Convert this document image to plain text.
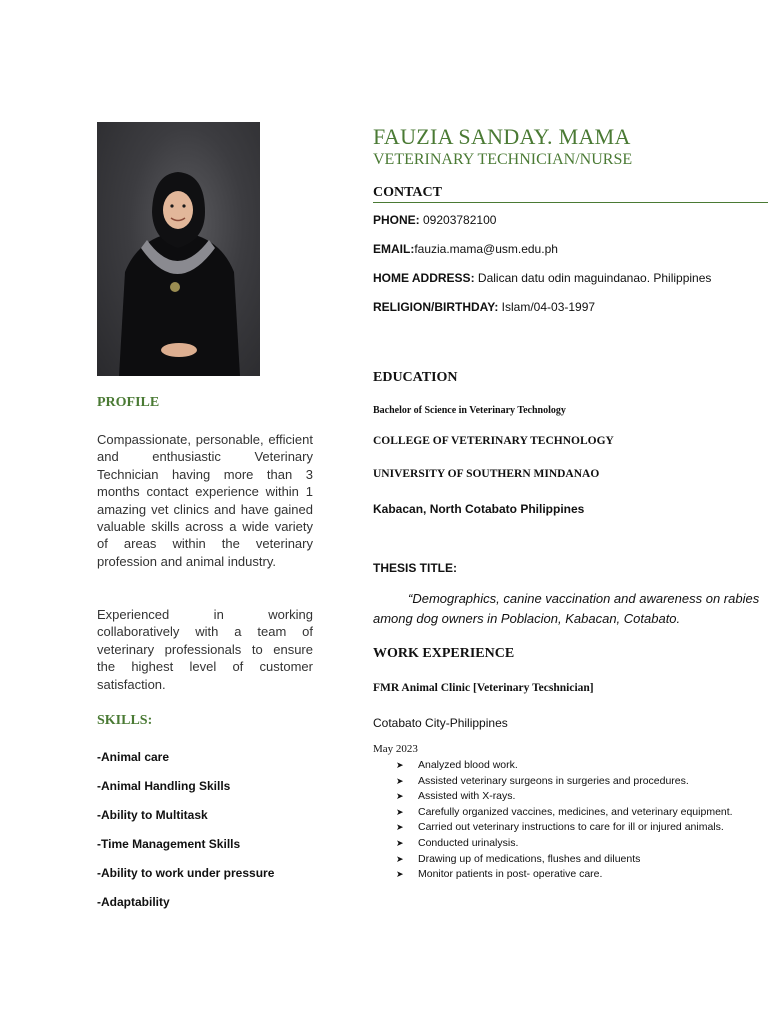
PROFILE

Compassionate, personable, efficient and enthusiastic Veterinary Technician having more than 3 months contact experience within 1 amazing vet clinics and have gained valuable skills across a wide variety of areas within the veterinary profession and animal industry.

Experienced in working collaboratively with a team of veterinary professionals to ensure the highest level of customer satisfaction.

SKILLS:
-Animal care
-Animal Handling Skills
-Ability to Multitask
-Time Management Skills
-Ability to work under pressure
-Adaptability
FAUZIA SANDAY. MAMA
VETERINARY TECHNICIAN/NURSE
CONTACT
PHONE: 09203782100
EMAIL:fauzia.mama@usm.edu.ph
HOME ADDRESS: Dalican datu odin maguindanao. Philippines
RELIGION/BIRTHDAY: Islam/04-03-1997
EDUCATION
Bachelor of Science in Veterinary Technology
COLLEGE OF VETERINARY TECHNOLOGY
UNIVERSITY OF SOUTHERN MINDANAO
Kabacan, North Cotabato Philippines
THESIS TITLE:
“Demographics, canine vaccination and awareness on rabies
among dog owners in Poblacion, Kabacan, Cotabato.
WORK EXPERIENCE
FMR Animal Clinic [Veterinary Tecshnician]
Cotabato City-Philippines
May 2023
➤ Analyzed blood work.
➤ Assisted veterinary surgeons in surgeries and procedures.
➤ Assisted with X-rays.
➤ Carefully organized vaccines, medicines, and veterinary equipment.
➤ Carried out veterinary instructions to care for ill or injured animals.
➤ Conducted urinalysis.
➤ Drawing up of medications, flushes and diluents
➤ Monitor patients in post- operative care.
